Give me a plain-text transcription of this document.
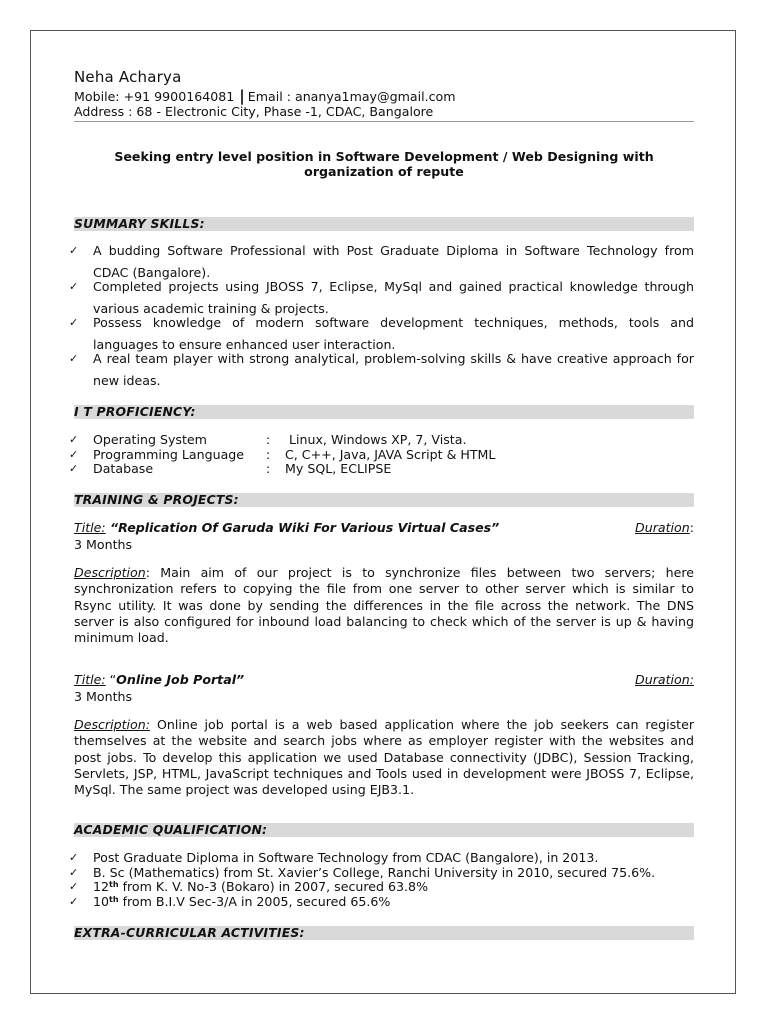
Neha Acharya
Mobile: +91 9900164081 | Email : ananya1may@gmail.com
Address : 68 - Electronic City, Phase -1, CDAC, Bangalore
Seeking entry level position in Software Development / Web Designing with organization of repute
SUMMARY SKILLS:
✓ A budding Software Professional with Post Graduate Diploma in Software Technology from CDAC (Bangalore).
✓ Completed projects using JBOSS 7, Eclipse, MySql and gained practical knowledge through various academic training & projects.
✓ Possess knowledge of modern software development techniques, methods, tools and languages to ensure enhanced user interaction.
✓ A real team player with strong analytical, problem-solving skills & have creative approach for new ideas.
I T PROFICIENCY:
✓ Operating System	: Linux, Windows XP, 7, Vista.
✓ Programming Language : C, C++, Java, JAVA Script & HTML
✓ Database	: My SQL, ECLIPSE
TRAINING & PROJECTS:
Title: “Replication Of Garuda Wiki For Various Virtual Cases”	Duration:
3 Months
Description: Main aim of our project is to synchronize files between two servers; here synchronization refers to copying the file from one server to other server which is similar to Rsync utility. It was done by sending the differences in the file across the network. The DNS server is also configured for inbound load balancing to check which of the server is up & having minimum load.
Title: “Online Job Portal”	Duration:
3 Months
Description: Online job portal is a web based application where the job seekers can register themselves at the website and search jobs where as employer register with the websites and post jobs. To develop this application we used Database connectivity (JDBC), Session Tracking, Servlets, JSP, HTML, JavaScript techniques and Tools used in development were JBOSS 7, Eclipse, MySql. The same project was developed using EJB3.1.
ACADEMIC QUALIFICATION:
✓ Post Graduate Diploma in Software Technology from CDAC (Bangalore), in 2013.
✓ B. Sc (Mathematics) from St. Xavier’s College, Ranchi University in 2010, secured 75.6%.
✓ 12th from K. V. No-3 (Bokaro) in 2007, secured 63.8%
✓ 10th from B.I.V Sec-3/A in 2005, secured 65.6%
EXTRA-CURRICULAR ACTIVITIES:
